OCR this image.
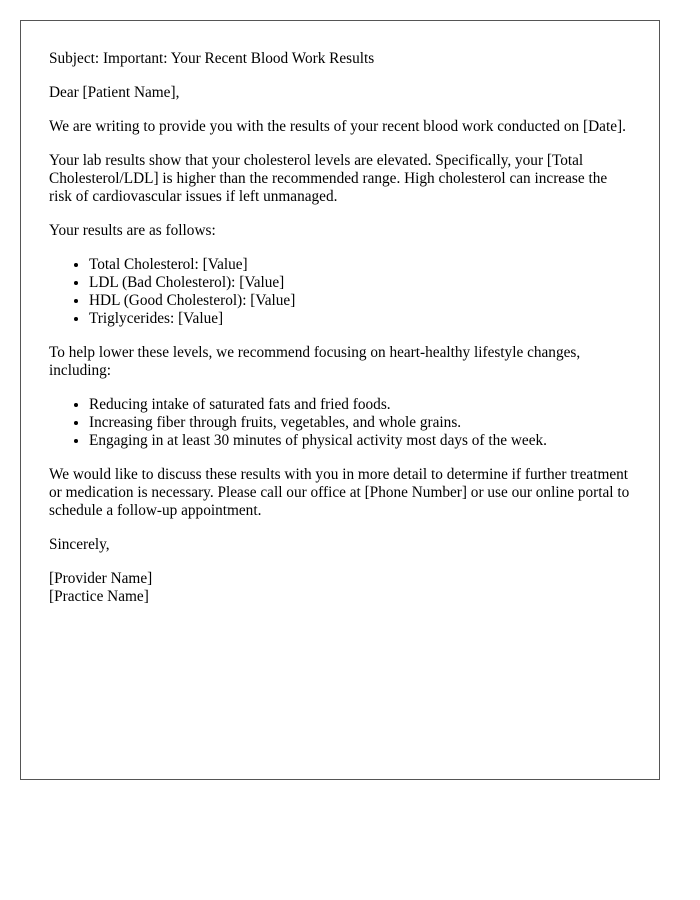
Subject: Important: Your Recent Blood Work Results

Dear [Patient Name],

We are writing to provide you with the results of your recent blood work conducted on [Date].

Your lab results show that your cholesterol levels are elevated. Specifically, your [Total Cholesterol/LDL] is higher than the recommended range. High cholesterol can increase the risk of cardiovascular issues if left unmanaged.

Your results are as follows:

• Total Cholesterol: [Value]
• LDL (Bad Cholesterol): [Value]
• HDL (Good Cholesterol): [Value]
• Triglycerides: [Value]

To help lower these levels, we recommend focusing on heart-healthy lifestyle changes, including:

• Reducing intake of saturated fats and fried foods.
• Increasing fiber through fruits, vegetables, and whole grains.
• Engaging in at least 30 minutes of physical activity most days of the week.

We would like to discuss these results with you in more detail to determine if further treatment or medication is necessary. Please call our office at [Phone Number] or use our online portal to schedule a follow-up appointment.

Sincerely,

[Provider Name]
[Practice Name]
